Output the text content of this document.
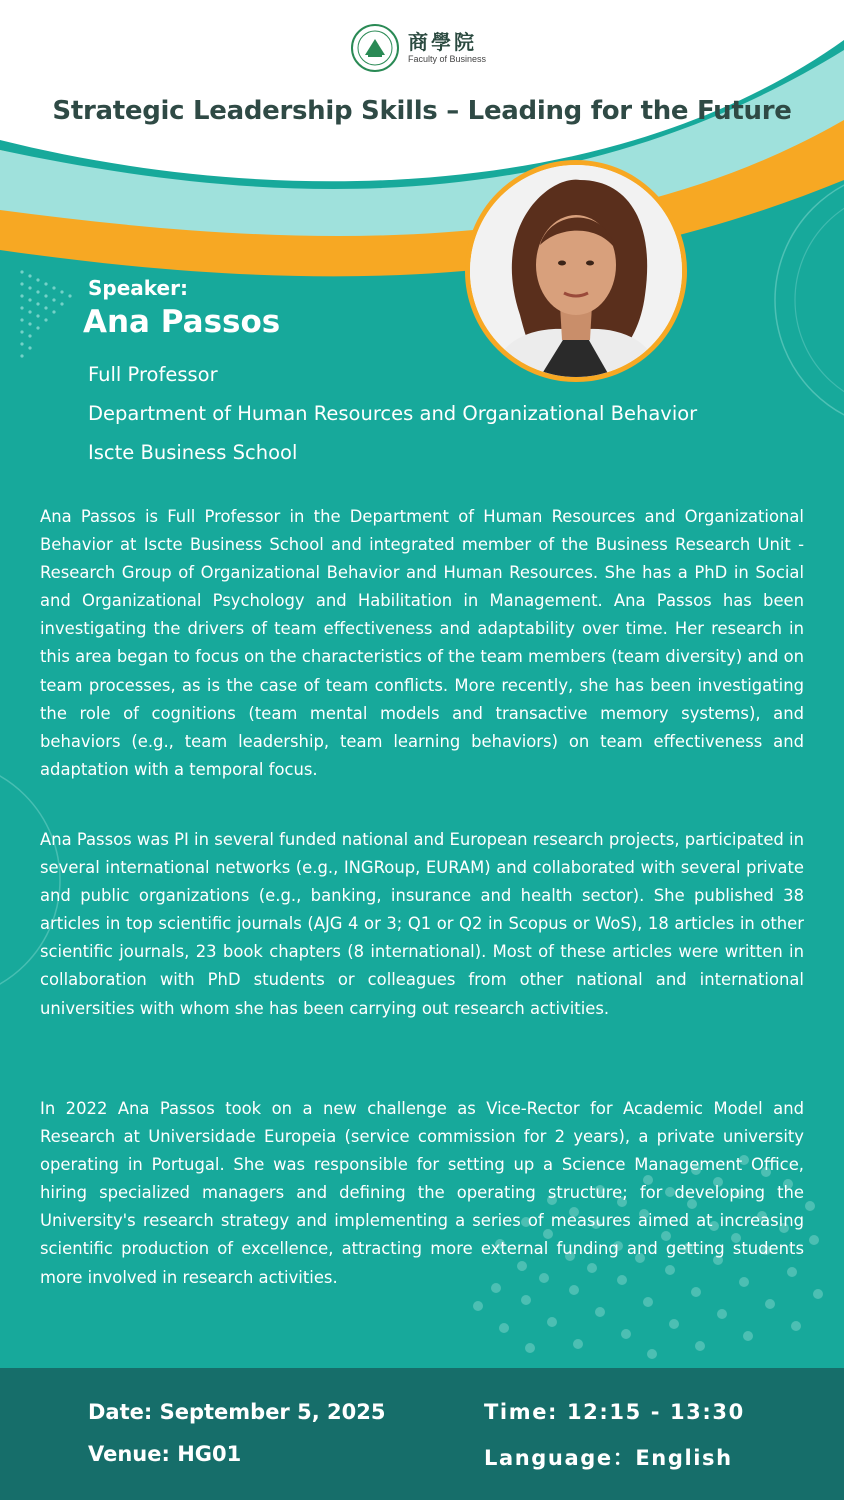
商學院
Faculty of Business
Strategic Leadership Skills – Leading for the Future
Speaker:
Ana Passos
Full Professor
Department of Human Resources and Organizational Behavior
Iscte Business School

Ana Passos is Full Professor in the Department of Human Resources and Organizational Behavior at Iscte Business School and integrated member of the Business Research Unit - Research Group of Organizational Behavior and Human Resources. She has a PhD in Social and Organizational Psychology and Habilitation in Management. Ana Passos has been investigating the drivers of team effectiveness and adaptability over time. Her research in this area began to focus on the characteristics of the team members (team diversity) and on team processes, as is the case of team conflicts. More recently, she has been investigating the role of cognitions (team mental models and transactive memory systems), and behaviors (e.g., team leadership, team learning behaviors) on team effectiveness and adaptation with a temporal focus.

Ana Passos was PI in several funded national and European research projects, participated in several international networks (e.g., INGRoup, EURAM) and collaborated with several private and public organizations (e.g., banking, insurance and health sector). She published 38 articles in top scientific journals (AJG 4 or 3; Q1 or Q2 in Scopus or WoS), 18 articles in other scientific journals, 23 book chapters (8 international). Most of these articles were written in collaboration with PhD students or colleagues from other national and international universities with whom she has been carrying out research activities.

In 2022 Ana Passos took on a new challenge as Vice-Rector for Academic Model and Research at Universidade Europeia (service commission for 2 years), a private university operating in Portugal. She was responsible for setting up a Science Management Office, hiring specialized managers and defining the operating structure; for developing the University's research strategy and implementing a series of measures aimed at increasing scientific production of excellence, attracting more external funding and getting students more involved in research activities.

Date: September 5, 2025
Venue: HG01
Time: 12:15 - 13:30
Language：English
